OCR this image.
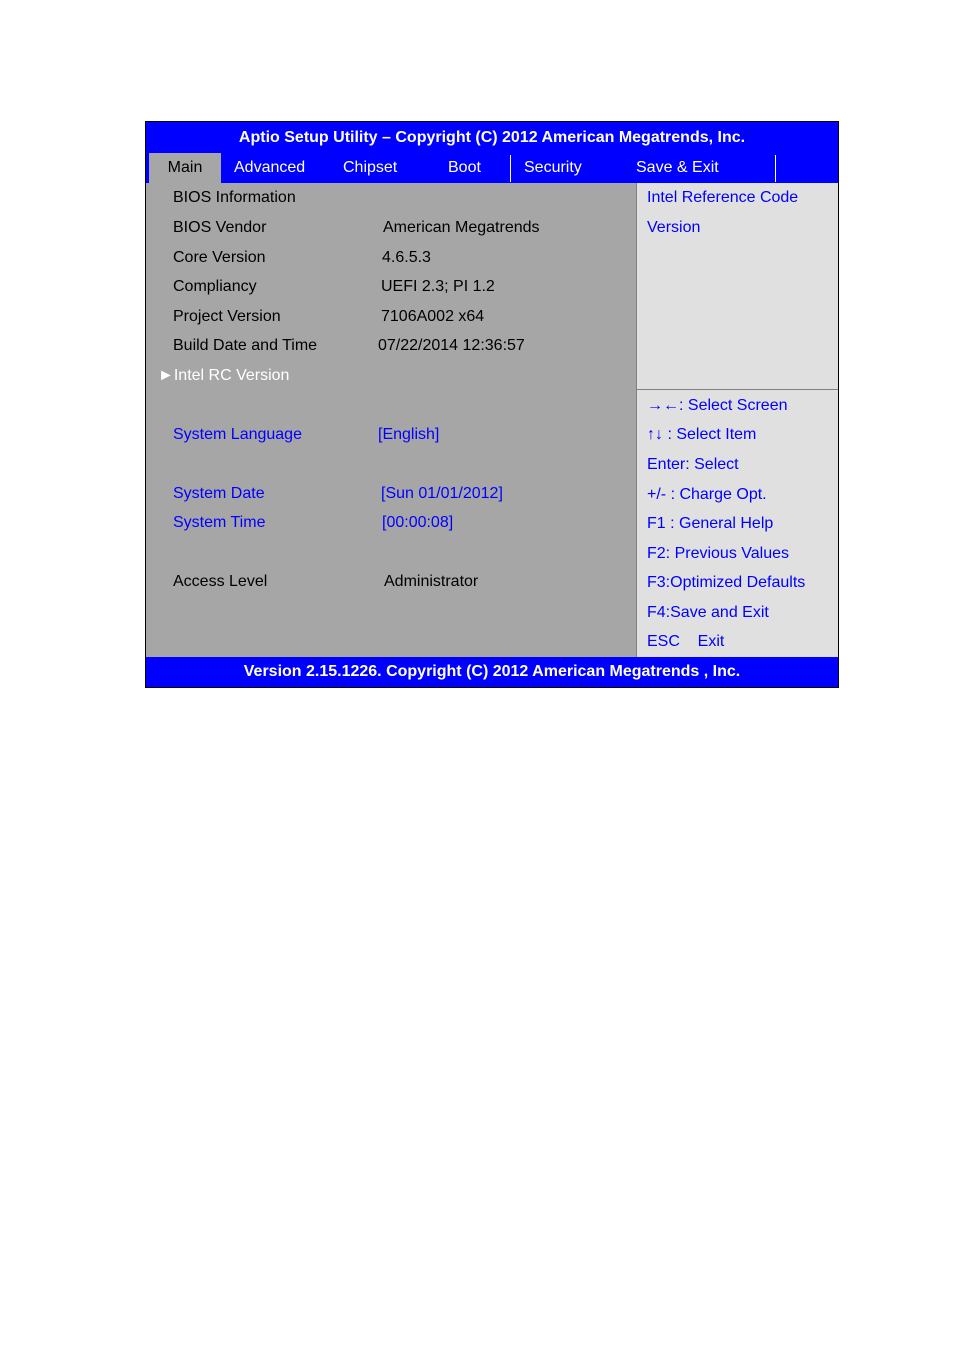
Aptio Setup Utility – Copyright (C) 2012 American Megatrends, Inc.
Main	Advanced Chipset	Boot	Security	Save & Exit
BIOS Information
BIOS Vendor	American Megatrends
Core Version	4.6.5.3
Compliancy	UEFI 2.3; PI 1.2
Project Version	7106A002 x64
Build Date and Time	07/22/2014 12:36:57
►Intel RC Version
System Language	[English]
System Date	[Sun 01/01/2012]
System Time	[00:00:08]
Access Level	Administrator
Intel Reference Code
Version
→←: Select Screen
↑↓ : Select Item
Enter: Select
+/- : Charge Opt.
F1 : General Help
F2: Previous Values
F3:Optimized Defaults
F4:Save and Exit
ESC    Exit
Version 2.15.1226. Copyright (C) 2012 American Megatrends , Inc.
